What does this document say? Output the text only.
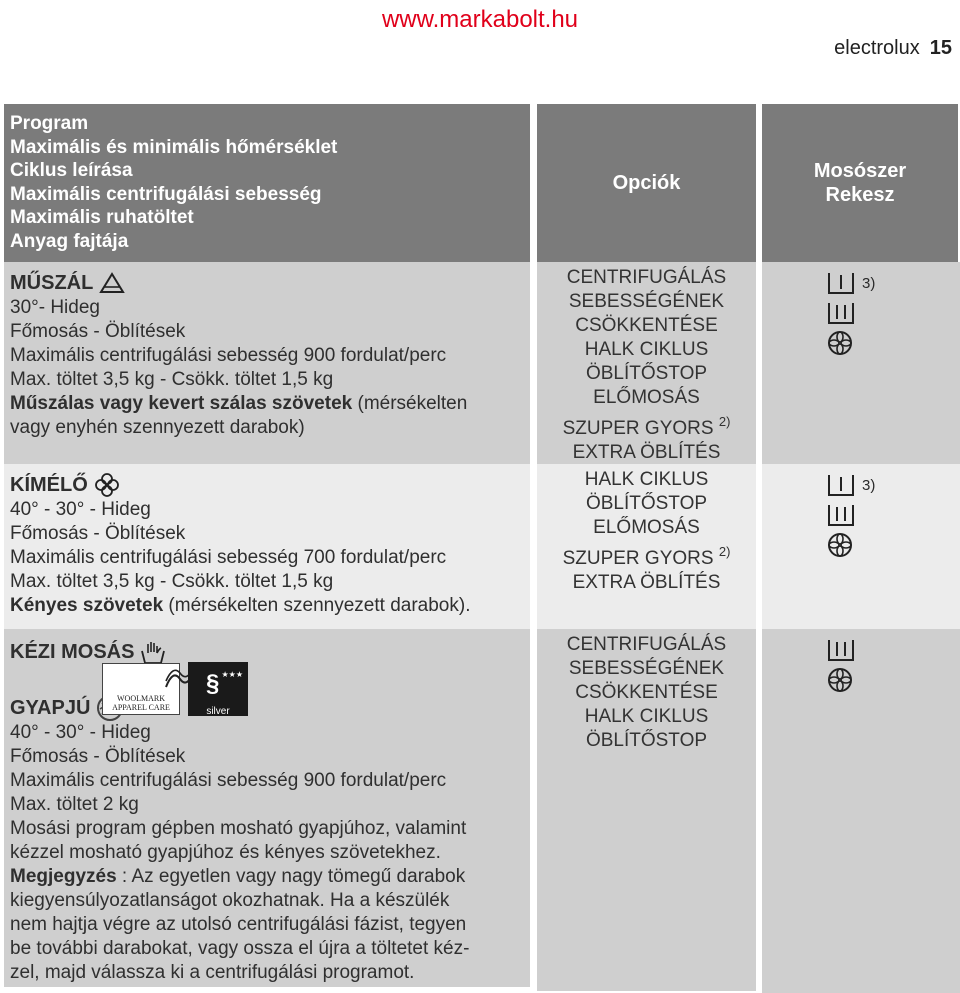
www.markabolt.hu
electrolux 15
Program
Maximális és minimális hőmérséklet
Ciklus leírása
Maximális centrifugálási sebesség
Maximális ruhatöltet
Anyag fajtája
Opciók
Mosószer
Rekesz
MŰSZÁL
30°- Hideg
Főmosás - Öblítések
Maximális centrifugálási sebesség 900 fordulat/perc
Max. töltet 3,5 kg - Csökk. töltet 1,5 kg
Műszálas vagy kevert szálas szövetek (mérsékelten
vagy enyhén szennyezett darabok)
CENTRIFUGÁLÁS
SEBESSÉGÉNEK
CSÖKKENTÉSE
HALK CIKLUS
ÖBLÍTŐSTOP
ELŐMOSÁS
SZUPER GYORS $^{2)}$
EXTRA ÖBLÍTÉS
3)
KÍMÉLŐ
40° - 30° - Hideg
Főmosás - Öblítések
Maximális centrifugálási sebesség 700 fordulat/perc
Max. töltet 3,5 kg - Csökk. töltet 1,5 kg
Kényes szövetek (mérsékelten szennyezett darabok).
HALK CIKLUS
ÖBLÍTŐSTOP
ELŐMOSÁS
SZUPER GYORS $^{2)}$
EXTRA ÖBLÍTÉS
3)
KÉZI MOSÁS
GYAPJÚ	WOOLMARK
APPAREL CARE
★★★
§
silver
40° - 30° - Hideg
Főmosás - Öblítések
Maximális centrifugálási sebesség 900 fordulat/perc
Max. töltet 2 kg
Mosási program gépben mosható gyapjúhoz, valamint
kézzel mosható gyapjúhoz és kényes szövetekhez.
Megjegyzés : Az egyetlen vagy nagy tömegű darabok
kiegyensúlyozatlanságot okozhatnak. Ha a készülék
nem hajtja végre az utolsó centrifugálási fázist, tegyen
be további darabokat, vagy ossza el újra a töltetet kéz-
zel, majd válassza ki a centrifugálási programot.
CENTRIFUGÁLÁS
SEBESSÉGÉNEK
CSÖKKENTÉSE
HALK CIKLUS
ÖBLÍTŐSTOP
